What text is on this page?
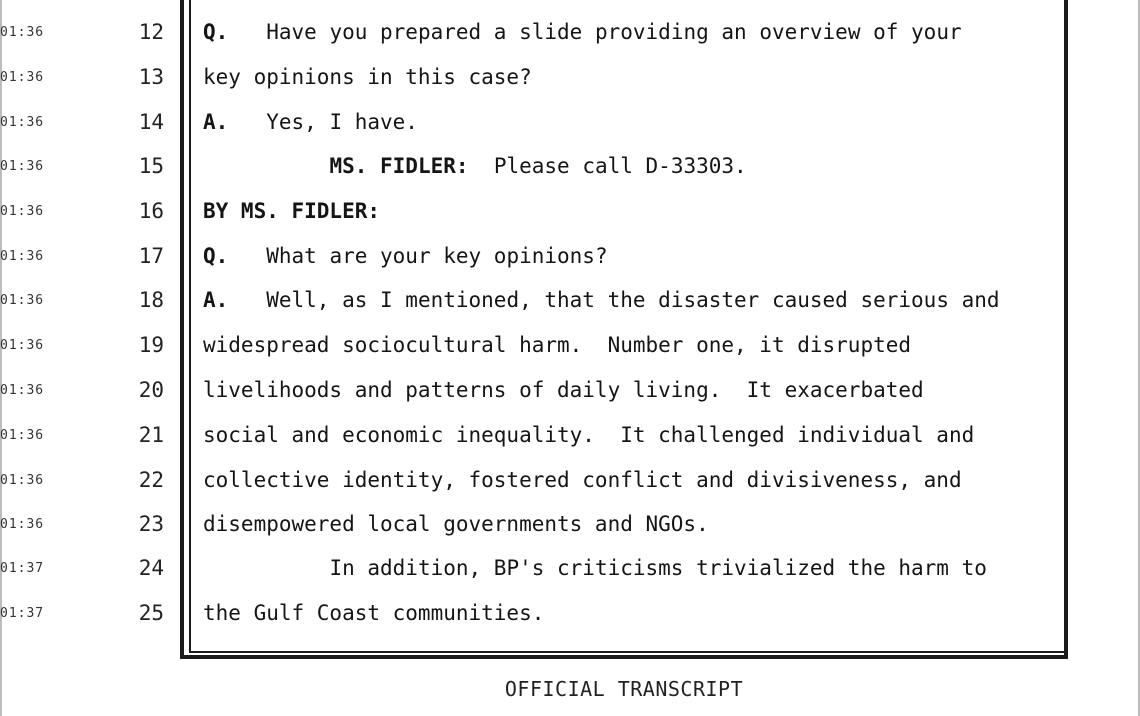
01:36	12 Q. Have you prepared a slide providing an overview of your
01:36	13 key opinions in this case?
01:36	14 A. Yes, I have.
01:36	15	MS. FIDLER: Please call D-33303.
01:36	16 BY MS. FIDLER:
01:36	17 Q. What are your key opinions?
01:36	18 A. Well, as I mentioned, that the disaster caused serious and
01:36	19 widespread sociocultural harm.  Number one, it disrupted
01:36	20 livelihoods and patterns of daily living.  It exacerbated
01:36	21 social and economic inequality.  It challenged individual and
01:36	22 collective identity, fostered conflict and divisiveness, and
01:36	23 disempowered local governments and NGOs.
01:37	24	In addition, BP's criticisms trivialized the harm to
01:37	25 the Gulf Coast communities.
OFFICIAL TRANSCRIPT
